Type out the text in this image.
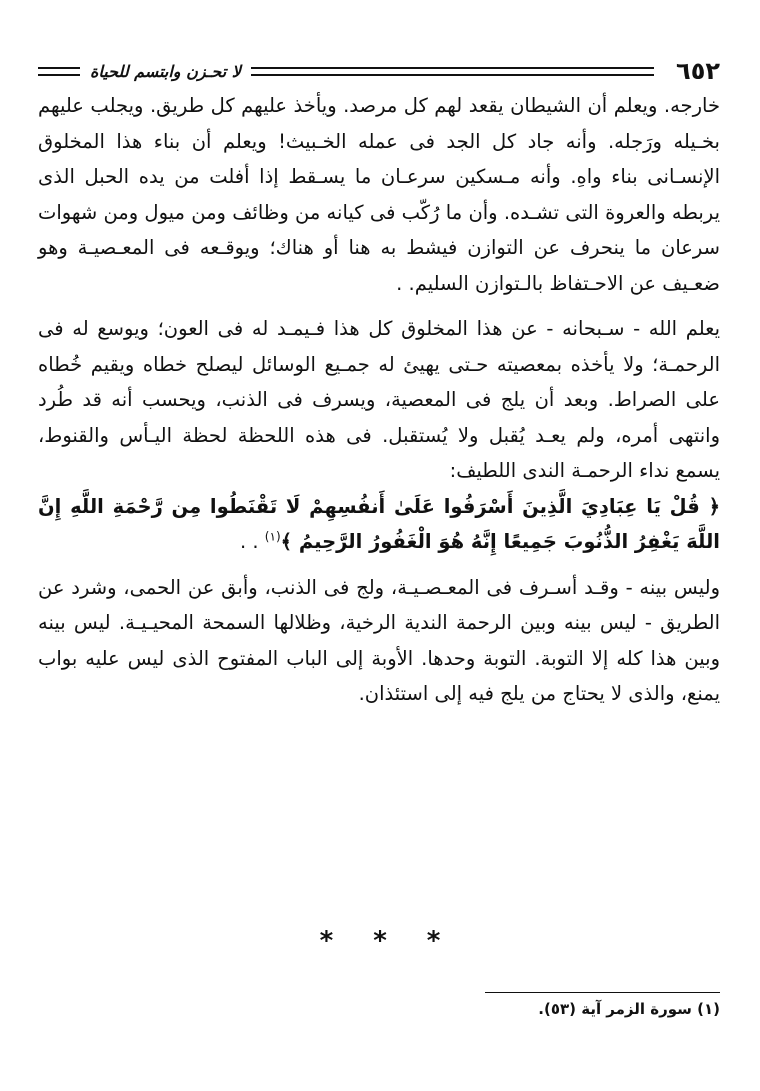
٦٥٢
لا تحـزن وابتسم للحياة

خارجه. ويعلم أن الشيطان يقعد لهم كل مرصد. ويأخذ عليهم كل طريق. ويجلب عليهم بخـيله ورَجله. وأنه جاد كل الجد فى عمله الخـبيث! ويعلم أن بناء هذا المخلوق الإنسـانى بناء واهِ. وأنه مـسكين سرعـان ما يسـقط إذا أفلت من يده الحبل الذى يربطه والعروة التى تشـده. وأن ما رُكّب فى كيانه من وظائف ومن ميول ومن شهوات سرعان ما ينحرف عن التوازن فيشط به هنا أو هناك؛ ويوقـعه فى المعـصيـة وهو ضعـيف عن الاحـتفاظ بالـتوازن السليم. .

يعلم الله - سـبحانه - عن هذا المخلوق كل هذا فـيمـد له فى العون؛ ويوسع له فى الرحمـة؛ ولا يأخذه بمعصيته حـتى يهيئ له جمـيع الوسائل ليصلح خطاه ويقيم خُطاه على الصراط. وبعد أن يلج فى المعصية، ويسرف فى الذنب، ويحسب أنه قد طُرد وانتهى أمره، ولم يعـد يُقبل ولا يُستقبل. فى هذه اللحظة لحظة اليـأس والقنوط، يسمع نداء الرحمـة الندى اللطيف:

﴿ قُلْ يَا عِبَادِيَ الَّذِينَ أَسْرَفُوا عَلَىٰ أَنفُسِهِمْ لَا تَقْنَطُوا مِن رَّحْمَةِ اللَّهِ إِنَّ اللَّهَ يَغْفِرُ الذُّنُوبَ جَمِيعًا إِنَّهُ هُوَ الْغَفُورُ الرَّحِيمُ ﴾$^{(١)}$ . .

وليس بينه - وقـد أسـرف فى المعـصـيـة، ولج فى الذنب، وأبق عن الحمى، وشرد عن الطريق - ليس بينه وبين الرحمة الندية الرخية، وظلالها السمحة المحيـيـة. ليس بينه وبين هذا كله إلا التوبة. التوبة وحدها. الأوبة إلى الباب المفتوح الذى ليس عليه بواب يمنع، والذى لا يحتاج من يلج فيه إلى استئذان.

* * *
(١) سورة الزمر آية (٥٣).
